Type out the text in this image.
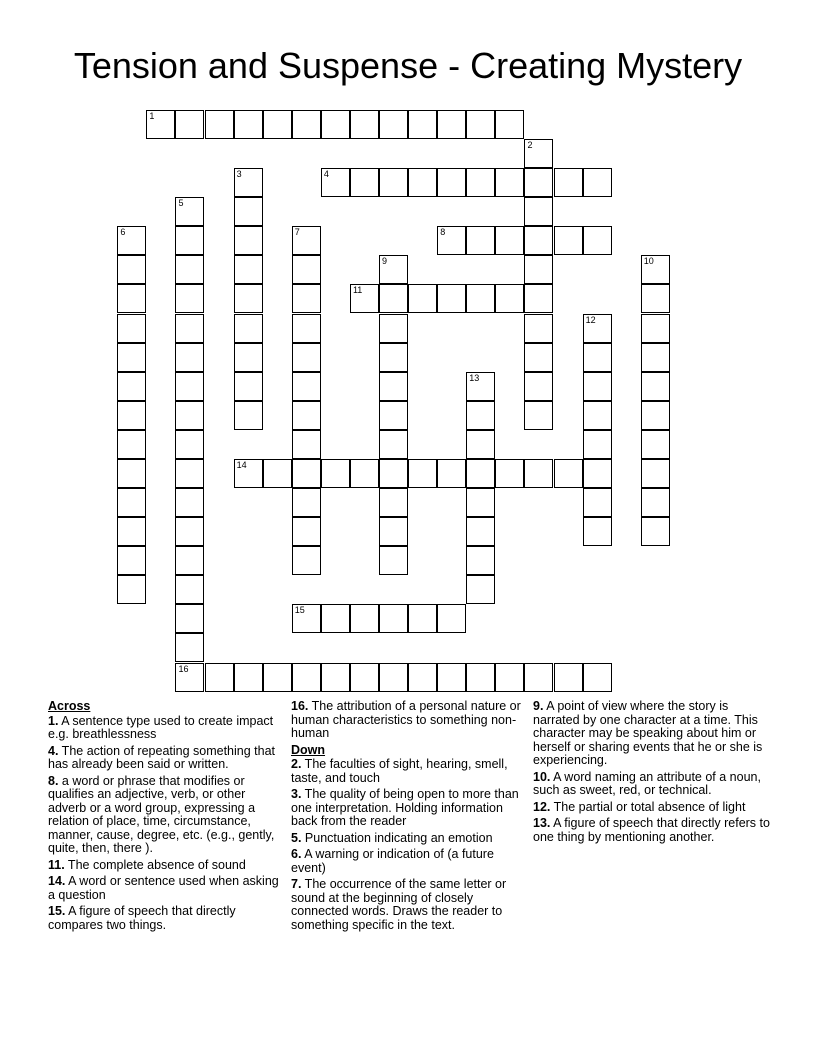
Tension and Suspense - Creating Mystery
1
2
3	4
5
6	7	8
9	10
11
12
13
14
15
16
Across
1. A sentence type used to create impact e.g. breathlessness
4. The action of repeating something that has already been said or written.
8. a word or phrase that modifies or qualifies an adjective, verb, or other adverb or a word group, expressing a relation of place, time, circumstance, manner, cause, degree, etc. (e.g., gently, quite, then, there ).
11. The complete absence of sound
14. A word or sentence used when asking a question
15. A figure of speech that directly compares two things.
16. The attribution of a personal nature or human characteristics to something non-human
Down
2. The faculties of sight, hearing, smell, taste, and touch
3. The quality of being open to more than one interpretation. Holding information back from the reader
5. Punctuation indicating an emotion
6. A warning or indication of (a future event)
7. The occurrence of the same letter or sound at the beginning of closely connected words. Draws the reader to something specific in the text.
9. A point of view where the story is narrated by one character at a time. This character may be speaking about him or herself or sharing events that he or she is experiencing.
10. A word naming an attribute of a noun, such as sweet, red, or technical.
12. The partial or total absence of light
13. A figure of speech that directly refers to one thing by mentioning another.
